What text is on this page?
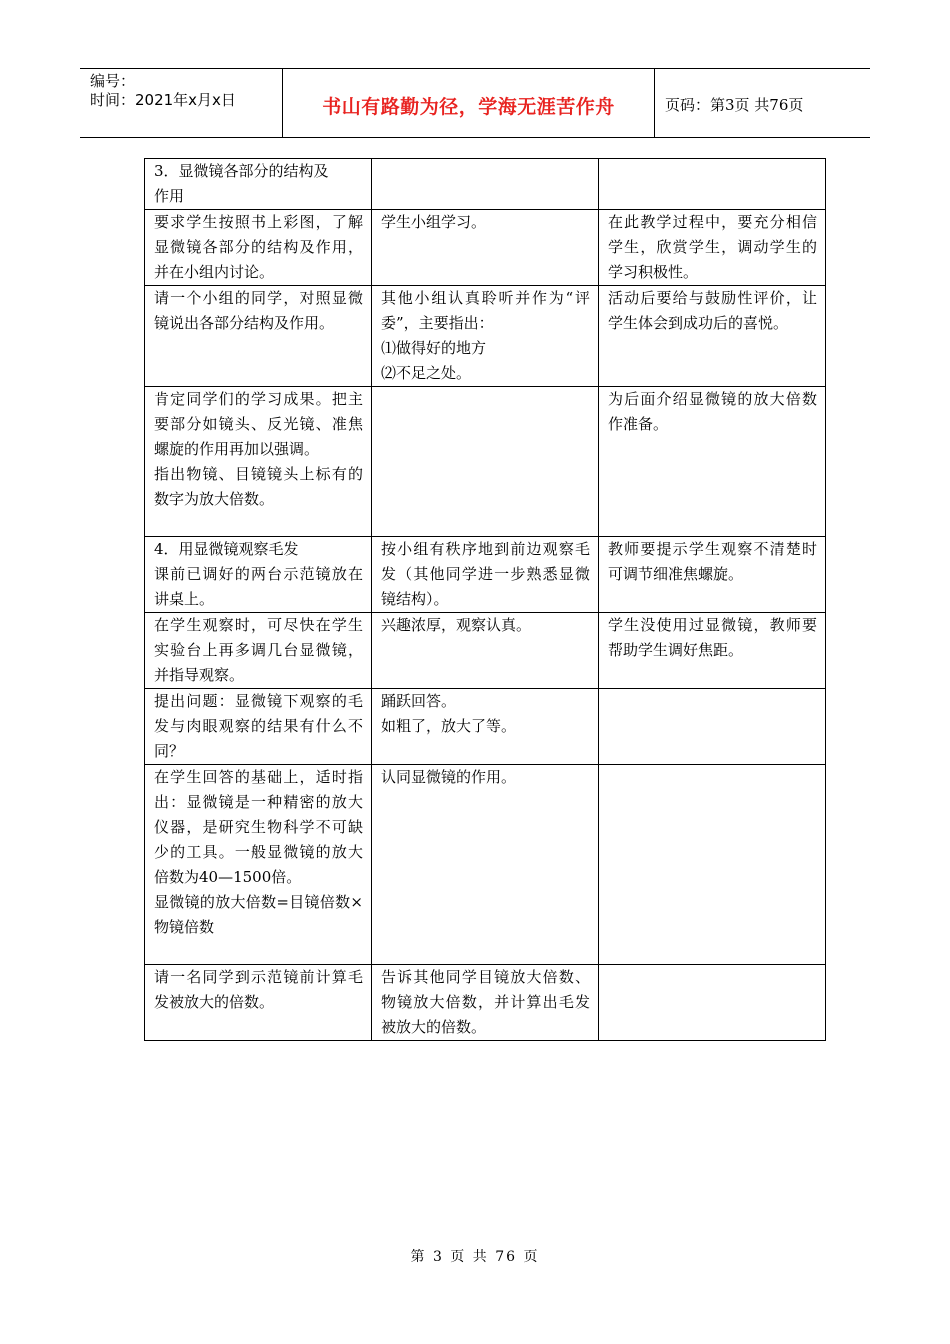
编号：
时间：2021年x月x日	书山有路勤为径，学海无涯苦作舟	页码：第3页 共76页
3．显微镜各部分的结构及
作用		

要求学生按照书上彩图，了解显微镜各部分的结构及作用，并在小组内讨论。	学生小组学习。	在此教学过程中，要充分相信学生，欣赏学生，调动学生的学习积极性。

请一个小组的同学，对照显微镜说出各部分结构及作用。	其他小组认真聆听并作为“评委”，主要指出：
⑴做得好的地方
⑵不足之处。	活动后要给与鼓励性评价，让学生体会到成功后的喜悦。

肯定同学们的学习成果。把主要部分如镜头、反光镜、准焦螺旋的作用再加以强调。
指出物镜、目镜镜头上标有的数字为放大倍数。		为后面介绍显微镜的放大倍数作准备。

4．用显微镜观察毛发
课前已调好的两台示范镜放在讲桌上。	按小组有秩序地到前边观察毛发（其他同学进一步熟悉显微镜结构）。	教师要提示学生观察不清楚时可调节细准焦螺旋。

在学生观察时，可尽快在学生实验台上再多调几台显微镜，并指导观察。	兴趣浓厚，观察认真。	学生没使用过显微镜，教师要帮助学生调好焦距。

提出问题：显微镜下观察的毛发与肉眼观察的结果有什么不同？	踊跃回答。
如粗了，放大了等。	

在学生回答的基础上，适时指出：显微镜是一种精密的放大仪器，是研究生物科学不可缺少的工具。一般显微镜的放大倍数为40—1500倍。
显微镜的放大倍数=目镜倍数×物镜倍数	认同显微镜的作用。	

请一名同学到示范镜前计算毛发被放大的倍数。	告诉其他同学目镜放大倍数、物镜放大倍数，并计算出毛发被放大的倍数。	

第 3 页 共 76 页
